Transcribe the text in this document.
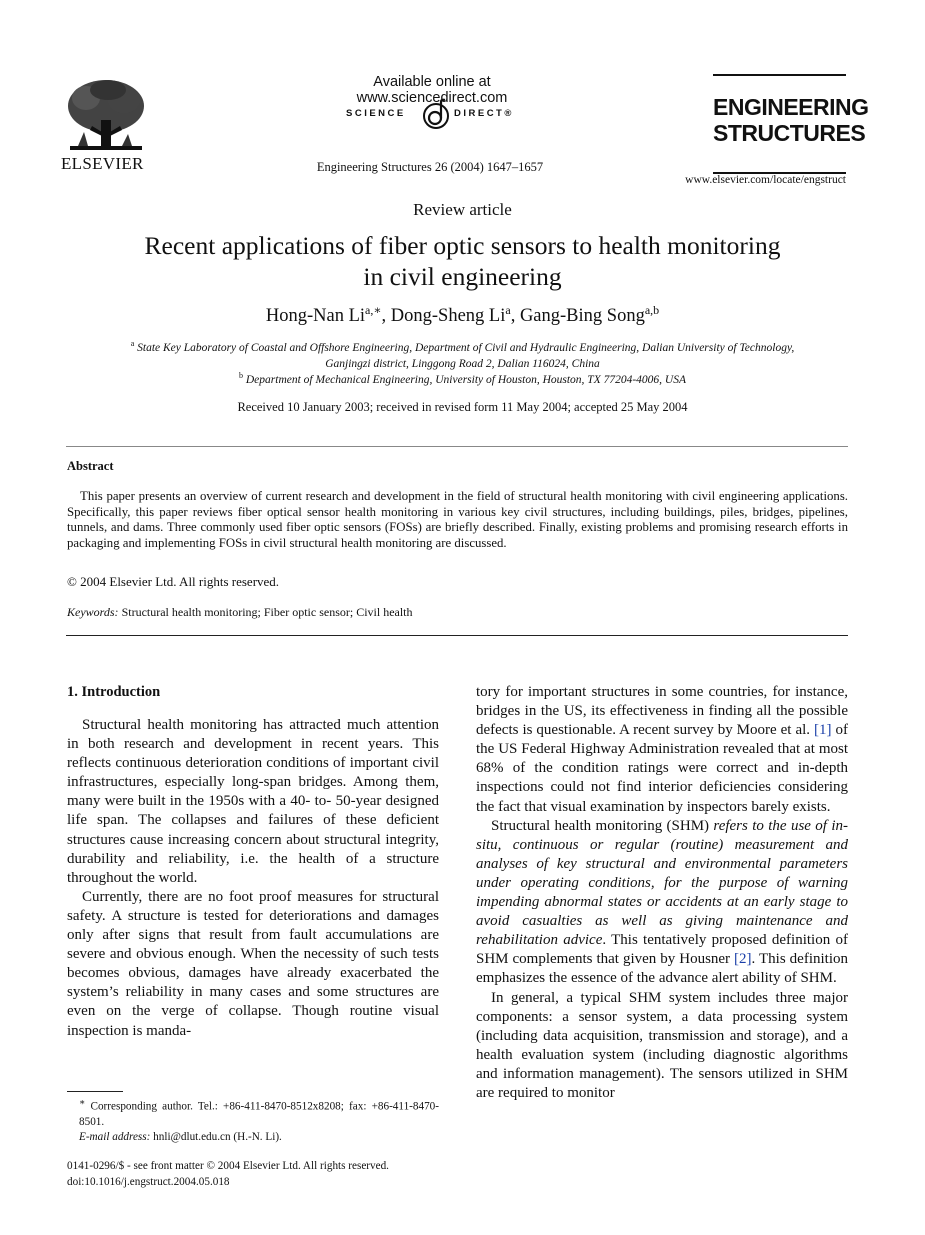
ELSEVIER
Available online at www.sciencedirect.com
SCIENCE	DIRECT®
Engineering Structures 26 (2004) 1647–1657
ENGINEERING
STRUCTURES
www.elsevier.com/locate/engstruct
Review article
Recent applications of fiber optic sensors to health monitoring
in civil engineering
Hong-Nan $Li^{a,∗}$, Dong-Sheng Li$^a$, Gang-Bing Song$^{a,b}$
$^a$ State Key Laboratory of Coastal and Offshore Engineering, Department of Civil and Hydraulic Engineering, Dalian University of Technology,
Ganjingzi district, Linggong Road 2, Dalian 116024, China
$^b$ Department of Mechanical Engineering, University of Houston, Houston, TX 77204-4006, USA
Received 10 January 2003; received in revised form 11 May 2004; accepted 25 May 2004
Abstract
This paper presents an overview of current research and development in the field of structural health monitoring with civil engineering applications. Specifically, this paper reviews fiber optical sensor health monitoring in various key civil structures, including buildings, piles, bridges, pipelines, tunnels, and dams. Three commonly used fiber optic sensors (FOSs) are briefly described. Finally, existing problems and promising research efforts in packaging and implementing FOSs in civil structural health monitoring are discussed.
© 2004 Elsevier Ltd. All rights reserved.
Keywords: Structural health monitoring; Fiber optic sensor; Civil health
1. Introduction

Structural health monitoring has attracted much attention in both research and development in recent years. This reflects continuous deterioration conditions of important civil infrastructures, especially long-span bridges. Among them, many were built in the 1950s with a 40- to- 50-year designed life span. The collapses and failures of these deficient structures cause increasing concern about structural integrity, durability and reliability, i.e. the health of a structure throughout the world.

Currently, there are no foot proof measures for structural safety. A structure is tested for deteriorations and damages only after signs that result from fault accumulations are severe and obvious enough. When the necessity of such tests becomes obvious, damages have already exacerbated the system’s reliability in many cases and some structures are even on the verge of collapse. Though routine visual inspection is manda-

tory for important structures in some countries, for instance, bridges in the US, its effectiveness in finding all the possible defects is questionable. A recent survey by Moore et al. [1] of the US Federal Highway Administration revealed that at most 68% of the condition ratings were correct and in-depth inspections could not find interior deficiencies considering the fact that visual examination by inspectors barely exists.

Structural health monitoring (SHM) refers to the use of in-situ, continuous or regular (routine) measurement and analyses of key structural and environmental parameters under operating conditions, for the purpose of warning impending abnormal states or accidents at an early stage to avoid casualties as well as giving maintenance and rehabilitation advice. This tentatively proposed definition of SHM complements that given by Housner [2]. This definition emphasizes the essence of the advance alert ability of SHM.

In general, a typical SHM system includes three major components: a sensor system, a data processing system (including data acquisition, transmission and storage), and a health evaluation system (including diagnostic algorithms and information management). The sensors utilized in SHM are required to monitor

∗ Corresponding author. Tel.: +86-411-8470-8512x8208; fax: +86-411-8470-8501.
E-mail address: hnli@dlut.edu.cn (H.-N. Li).
0141-0296/$ - see front matter © 2004 Elsevier Ltd. All rights reserved.
doi:10.1016/j.engstruct.2004.05.018
